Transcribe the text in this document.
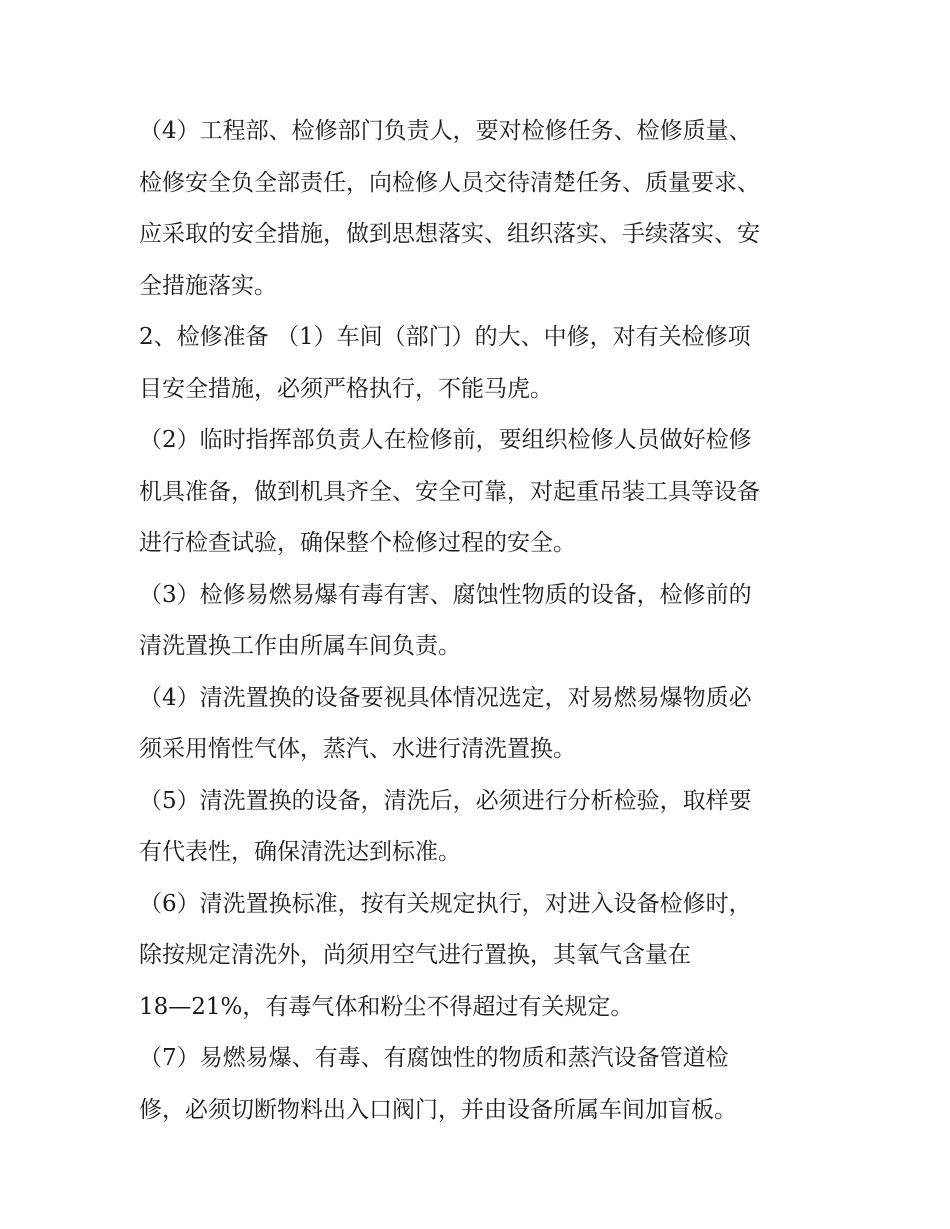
（4）工程部、检修部门负责人，要对检修任务、检修质量、
检修安全负全部责任，向检修人员交待清楚任务、质量要求、
应采取的安全措施，做到思想落实、组织落实、手续落实、安
全措施落实。
2、检修准备 （1）车间（部门）的大、中修，对有关检修项
目安全措施，必须严格执行，不能马虎。
（2）临时指挥部负责人在检修前，要组织检修人员做好检修
机具准备，做到机具齐全、安全可靠，对起重吊装工具等设备
进行检查试验，确保整个检修过程的安全。
（3）检修易燃易爆有毒有害、腐蚀性物质的设备，检修前的
清洗置换工作由所属车间负责。
（4）清洗置换的设备要视具体情况选定，对易燃易爆物质必
须采用惰性气体，蒸汽、水进行清洗置换。
（5）清洗置换的设备，清洗后，必须进行分析检验，取样要
有代表性，确保清洗达到标准。
（6）清洗置换标准，按有关规定执行，对进入设备检修时，
除按规定清洗外，尚须用空气进行置换，其氧气含量在
18—21%，有毒气体和粉尘不得超过有关规定。
（7）易燃易爆、有毒、有腐蚀性的物质和蒸汽设备管道检
修，必须切断物料出入口阀门，并由设备所属车间加盲板。
